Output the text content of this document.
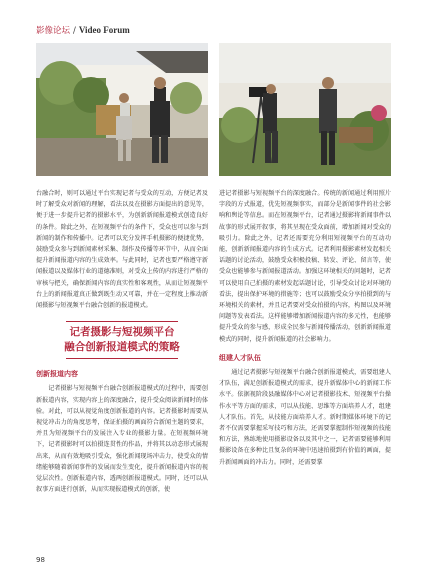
影像论坛 / Video Forum

台融合时，则可以通过平台实现记者与受众的互动，方便记者及时了解受众对新闻的理解，看法以及在摄影方面提出的意见等，便于进一步提升记者的摄影水平，为创新新闻报道模式创造良好的条件。除此之外，在短视频平台的条件下，受众也可以参与到新闻的制作和传播中。记者可以充分发挥手机摄影的便捷优势，鼓励受众参与到新闻素材采集、制作及传播等环节中，从而全面提升新闻报道内容的生成效率。与此同时，记者也要严格遵守新闻报道以及媒体行业的道德准则，对受众上传的内容进行严格的审核与把关，确保新闻内容的真实性和客观性，从而让短视频平台上的新闻报道真正做到既生动又可靠，并在一定程度上推动新闻摄影与短视频平台融合创新的报道模式。

记者摄影与短视频平台
融合创新报道模式的策略
创新报道内容

记者摄影与短视频平台融合创新报道模式的过程中，需要创新报道内容，实现内容上的深度融合，提升受众阅读新闻时的体验。对此，可以从视觉角度创新报道的内容。记者摄影时需要从视觉冲击力的角度思考，保证拍摄的画面符合新闻主题的要求，并且为短视频平台的发展注入专业的摄影力量。在短视频环境下，记者摄影时可以拍摄连贯性的作品，并将其以动态形式展现出来，从而有效地吸引受众，强化新闻现场冲击力，使受众的情绪能够随着新闻事件的发展而发生变化，提升新闻报道内容的视觉层次性。创新报道内容，透两创新报道模式。同时，还可以从叙事方面进行创新，从而实现报道模式的创新，使

进记者摄影与短视频平台的深度融合。传统的新闻通过利用照片字段的方式报道，优先短视频事实，而部分是新闻事件的社会影响和舆论等信息。而在短视频平台，记者通过摄影将新闻事件以故事的形式展开叙事，将其呈现在受众面前，增加新闻对受众的吸引力。除此之外，记者还需要充分利用短视频平台的互动功能，创新新闻报道内容的生成方式。记者利用摄影素材发起相关话题的讨论活动，鼓励受众积极投稿、转发、评论、留言等，使受众也能够参与新闻报道活动。加强这环境相关的问题时，记者可以使用自己拍摄的素材发起话题讨论，引导受众讨论对环境的看法，提出保护环境的措施等；也可以鼓励受众分享拍摄到的与环境相关的素材，并且记者要对受众拍摄的内容，构图以及环境问题等发表看法。这样能够增加新闻报道内容的多元性，也能够提升受众的参与感，形成全民参与新闻传播活动，创新新闻报道模式的同时，提升新闻报道的社会影响力。

组建人才队伍

通过记者摄影与短视频平台融合创新报道模式，需要组建人才队伍，满足创新报道模式的需求，提升新媒体中心的新闻工作水平。依据视阶段县融媒体中心对记者摄影技术、短视频平台操作水平等方面的需求，可以从技能、思维等方面培养人才，组建人才队伍。首先，从技能方面培养人才。新时期媒体环境下的记者不仅需要掌握采写技巧和方法，还需要掌握制作短视频的技能和方法，熟练地使用摄影设备以及其中之一，记者需要能够利用摄影设备在多种比且复杂的环境中迅速拍摄到有价值的画面，提升新闻画面的冲击力。同时，还需要掌

98
